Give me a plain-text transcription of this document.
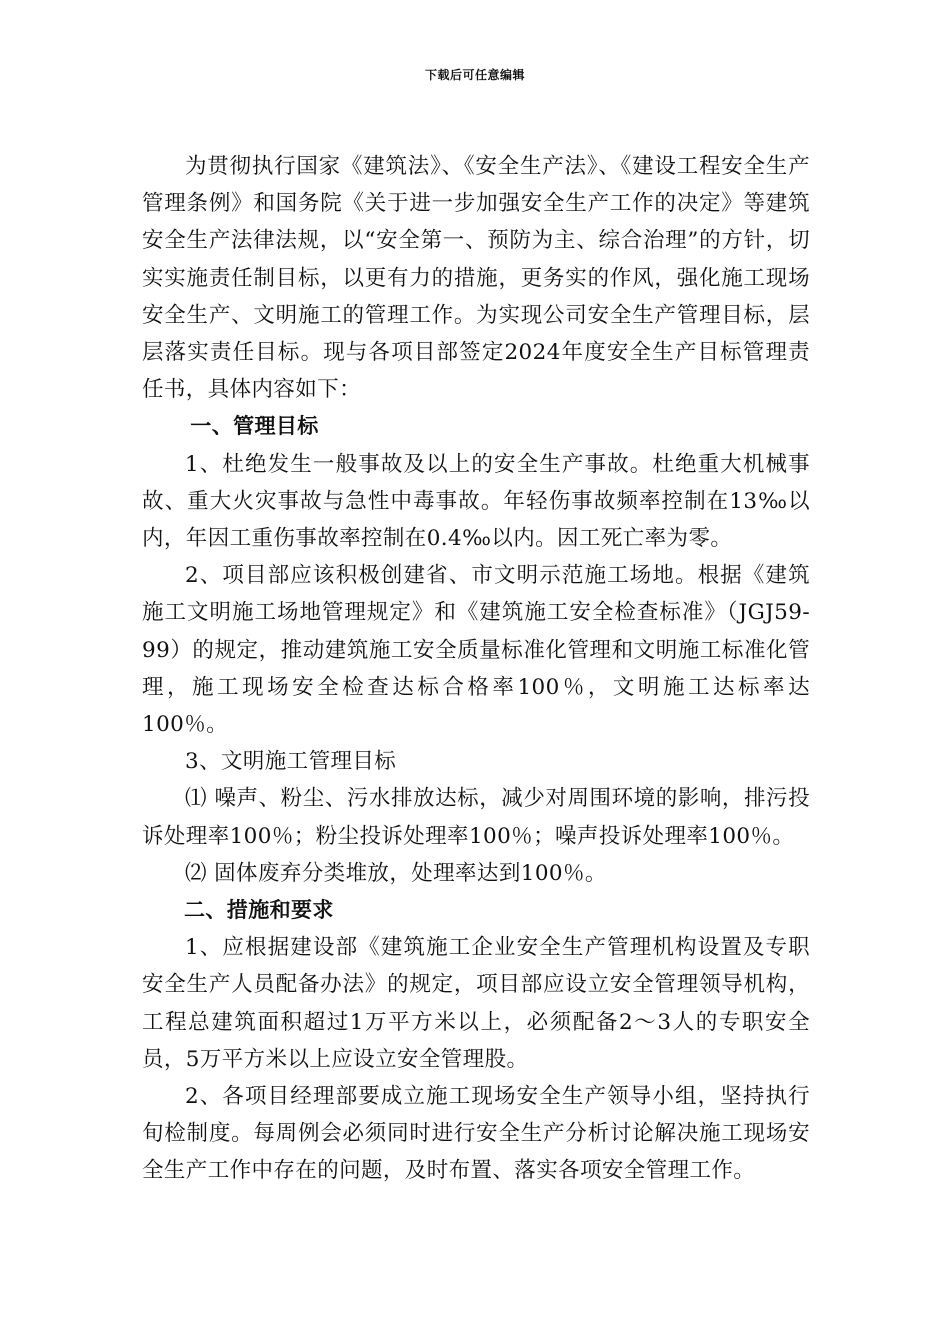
下载后可任意编辑

为贯彻执行国家《建筑法》、《安全生产法》、《建设工程安全生产管理条例》和国务院《关于进一步加强安全生产工作的决定》等建筑安全生产法律法规，以“安全第一、预防为主、综合治理”的方针，切实实施责任制目标，以更有力的措施，更务实的作风，强化施工现场安全生产、文明施工的管理工作。为实现公司安全生产管理目标，层层落实责任目标。现与各项目部签定2024年度安全生产目标管理责任书，具体内容如下：

一、管理目标

1、杜绝发生一般事故及以上的安全生产事故。杜绝重大机械事故、重大火灾事故与急性中毒事故。年轻伤事故频率控制在13‰以内，年因工重伤事故率控制在0.4‰以内。因工死亡率为零。

2、项目部应该积极创建省、市文明示范施工场地。根据《建筑施工文明施工场地管理规定》和《建筑施工安全检查标准》（JGJ59-99）的规定，推动建筑施工安全质量标准化管理和文明施工标准化管理，施工现场安全检查达标合格率100％，文明施工达标率达100％。

3、文明施工管理目标

⑴ 噪声、粉尘、污水排放达标，减少对周围环境的影响，排污投诉处理率100％；粉尘投诉处理率100％；噪声投诉处理率100％。

⑵ 固体废弃分类堆放，处理率达到100％。

二、措施和要求

1、应根据建设部《建筑施工企业安全生产管理机构设置及专职安全生产人员配备办法》的规定，项目部应设立安全管理领导机构，工程总建筑面积超过1万平方米以上，必须配备2～3人的专职安全员，5万平方米以上应设立安全管理股。

2、各项目经理部要成立施工现场安全生产领导小组，坚持执行旬检制度。每周例会必须同时进行安全生产分析讨论解决施工现场安全生产工作中存在的问题，及时布置、落实各项安全管理工作。
